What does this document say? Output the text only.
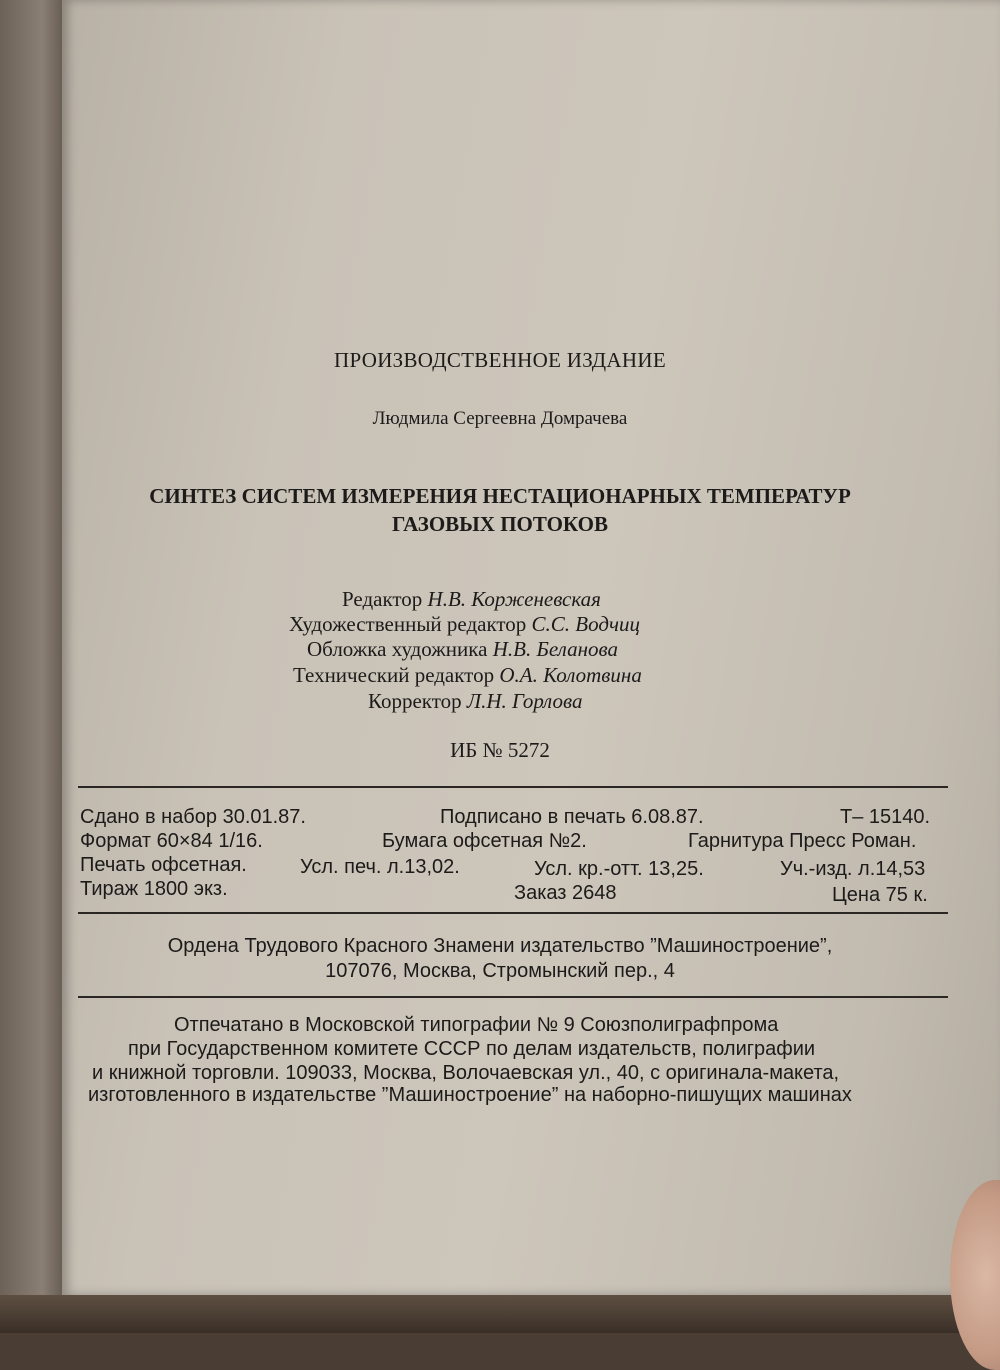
ПРОИЗВОДСТВЕННОЕ ИЗДАНИЕ
Людмила Сергеевна Домрачева
СИНТЕЗ СИСТЕМ ИЗМЕРЕНИЯ НЕСТАЦИОНАРНЫХ ТЕМПЕРАТУР
ГАЗОВЫХ ПОТОКОВ
Редактор Н.В. Корженевская
Художественный редактор С.С. Водчиц
Обложка художника Н.В. Беланова
Технический редактор О.А. Колотвина
Корректор Л.Н. Горлова
ИБ № 5272
Сдано в набор 30.01.87.	Подписано в печать 6.08.87.	Т– 15140.
Формат 60×84 1/16.	Бумага офсетная №2.	Гарнитура Пресс Роман.
Печать офсетная.	Усл. печ. л.13,02.	Усл. кр.-отт. 13,25.	Уч.-изд. л.14,53
Тираж 1800 экз.	Заказ 2648	Цена 75 к.
Ордена Трудового Красного Знамени издательство ”Машиностроение”,
107076, Москва, Стромынский пер., 4
Отпечатано в Московской типографии № 9 Союзполиграфпрома
при Государственном комитете СССР по делам издательств, полиграфии
и книжной торговли. 109033, Москва, Волочаевская ул., 40, с оригинала-макета,
изготовленного в издательстве ”Машиностроение” на наборно-пишущих машинах
